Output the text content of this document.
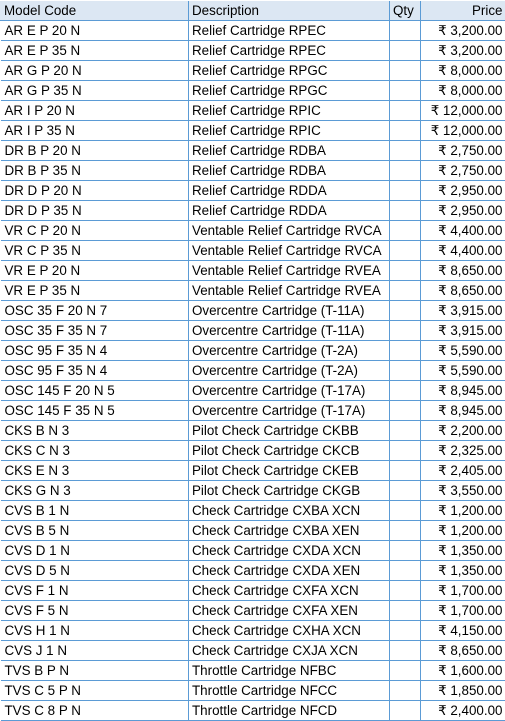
Model Code	Description	Qty	Price
AR E P 20 N	Relief Cartridge RPEC		₹ 3,200.00
AR E P 35 N	Relief Cartridge RPEC		₹ 3,200.00
AR G P 20 N	Relief Cartridge RPGC		₹ 8,000.00
AR G P 35 N	Relief Cartridge RPGC		₹ 8,000.00
AR I P 20 N	Relief Cartridge RPIC		₹ 12,000.00
AR I P 35 N	Relief Cartridge RPIC		₹ 12,000.00
DR B P 20 N	Relief Cartridge RDBA		₹ 2,750.00
DR B P 35 N	Relief Cartridge RDBA		₹ 2,750.00
DR D P 20 N	Relief Cartridge RDDA		₹ 2,950.00
DR D P 35 N	Relief Cartridge RDDA		₹ 2,950.00
VR C P 20 N	Ventable Relief Cartridge RVCA		₹ 4,400.00
VR C P 35 N	Ventable Relief Cartridge RVCA		₹ 4,400.00
VR E P 20 N	Ventable Relief Cartridge RVEA		₹ 8,650.00
VR E P 35 N	Ventable Relief Cartridge RVEA		₹ 8,650.00
OSC 35 F 20 N 7	Overcentre Cartridge (T-11A)		₹ 3,915.00
OSC 35 F 35 N 7	Overcentre Cartridge (T-11A)		₹ 3,915.00
OSC 95 F 35 N 4	Overcentre Cartridge (T-2A)		₹ 5,590.00
OSC 95 F 35 N 4	Overcentre Cartridge (T-2A)		₹ 5,590.00
OSC 145 F 20 N 5	Overcentre Cartridge (T-17A)		₹ 8,945.00
OSC 145 F 35 N 5	Overcentre Cartridge (T-17A)		₹ 8,945.00
CKS B N 3	Pilot Check Cartridge CKBB		₹ 2,200.00
CKS C N 3	Pilot Check Cartridge CKCB		₹ 2,325.00
CKS E N 3	Pilot Check Cartridge CKEB		₹ 2,405.00
CKS G N 3	Pilot Check Cartridge CKGB		₹ 3,550.00
CVS B 1 N	Check Cartridge CXBA XCN		₹ 1,200.00
CVS B 5 N	Check Cartridge CXBA XEN		₹ 1,200.00
CVS D 1 N	Check Cartridge CXDA XCN		₹ 1,350.00
CVS D 5 N	Check Cartridge CXDA XEN		₹ 1,350.00
CVS F 1 N	Check Cartridge CXFA XCN		₹ 1,700.00
CVS F 5 N	Check Cartridge CXFA XEN		₹ 1,700.00
CVS H 1 N	Check Cartridge CXHA XCN		₹ 4,150.00
CVS J 1 N	Check Cartridge CXJA XCN		₹ 8,650.00
TVS B P N	Throttle Cartridge NFBC		₹ 1,600.00
TVS C 5 P N	Throttle Cartridge NFCC		₹ 1,850.00
TVS C 8 P N	Throttle Cartridge NFCD		₹ 2,400.00
